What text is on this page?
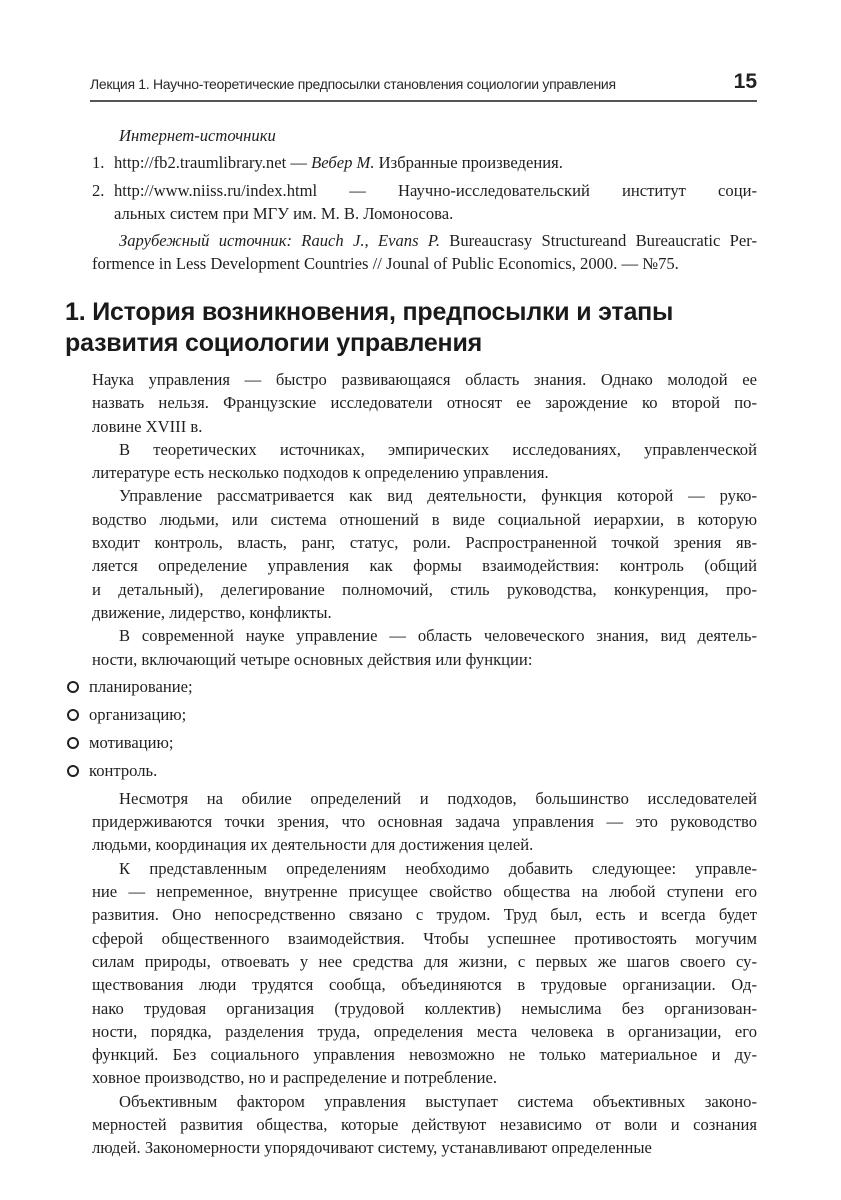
Лекция 1. Научно-теоретические предпосылки становления социологии управления	15
Интернет-источники
1. http://fb2.traumlibrary.net — Вебер М. Избранные произведения.
2. http://www.niiss.ru/index.html — Научно-исследовательский институт соци-
альных систем при МГУ им. М. В. Ломоносова.
Зарубежный источник: Rauch J., Evans P. Bureaucrasy Structureand Bureaucratic Per-
formence in Less Development Countries // Jounal of Public Economics, 2000. — №75.
1. История возникновения, предпосылки и этапы
развития социологии управления
Наука управления — быстро развивающаяся область знания. Однако молодой ее
назвать нельзя. Французские исследователи относят ее зарождение ко второй по-
ловине XVIII в.
В теоретических источниках, эмпирических исследованиях, управленческой
литературе есть несколько подходов к определению управления.
Управление рассматривается как вид деятельности, функция которой — руко-
водство людьми, или система отношений в виде социальной иерархии, в которую
входит контроль, власть, ранг, статус, роли. Распространенной точкой зрения яв-
ляется определение управления как формы взаимодействия: контроль (общий
и детальный), делегирование полномочий, стиль руководства, конкуренция, про-
движение, лидерство, конфликты.
В современной науке управление — область человеческого знания, вид деятель-
ности, включающий четыре основных действия или функции:
планирование;
организацию;
мотивацию;
контроль.
Несмотря на обилие определений и подходов, большинство исследователей
придерживаются точки зрения, что основная задача управления — это руководство
людьми, координация их деятельности для достижения целей.
К представленным определениям необходимо добавить следующее: управле-
ние — непременное, внутренне присущее свойство общества на любой ступени его
развития. Оно непосредственно связано с трудом. Труд был, есть и всегда будет
сферой общественного взаимодействия. Чтобы успешнее противостоять могучим
силам природы, отвоевать у нее средства для жизни, с первых же шагов своего су-
ществования люди трудятся сообща, объединяются в трудовые организации. Од-
нако трудовая организация (трудовой коллектив) немыслима без организован-
ности, порядка, разделения труда, определения места человека в организации, его
функций. Без социального управления невозможно не только материальное и ду-
ховное производство, но и распределение и потребление.
Объективным фактором управления выступает система объективных законо-
мерностей развития общества, которые действуют независимо от воли и сознания
людей. Закономерности упорядочивают систему, устанавливают определенные
